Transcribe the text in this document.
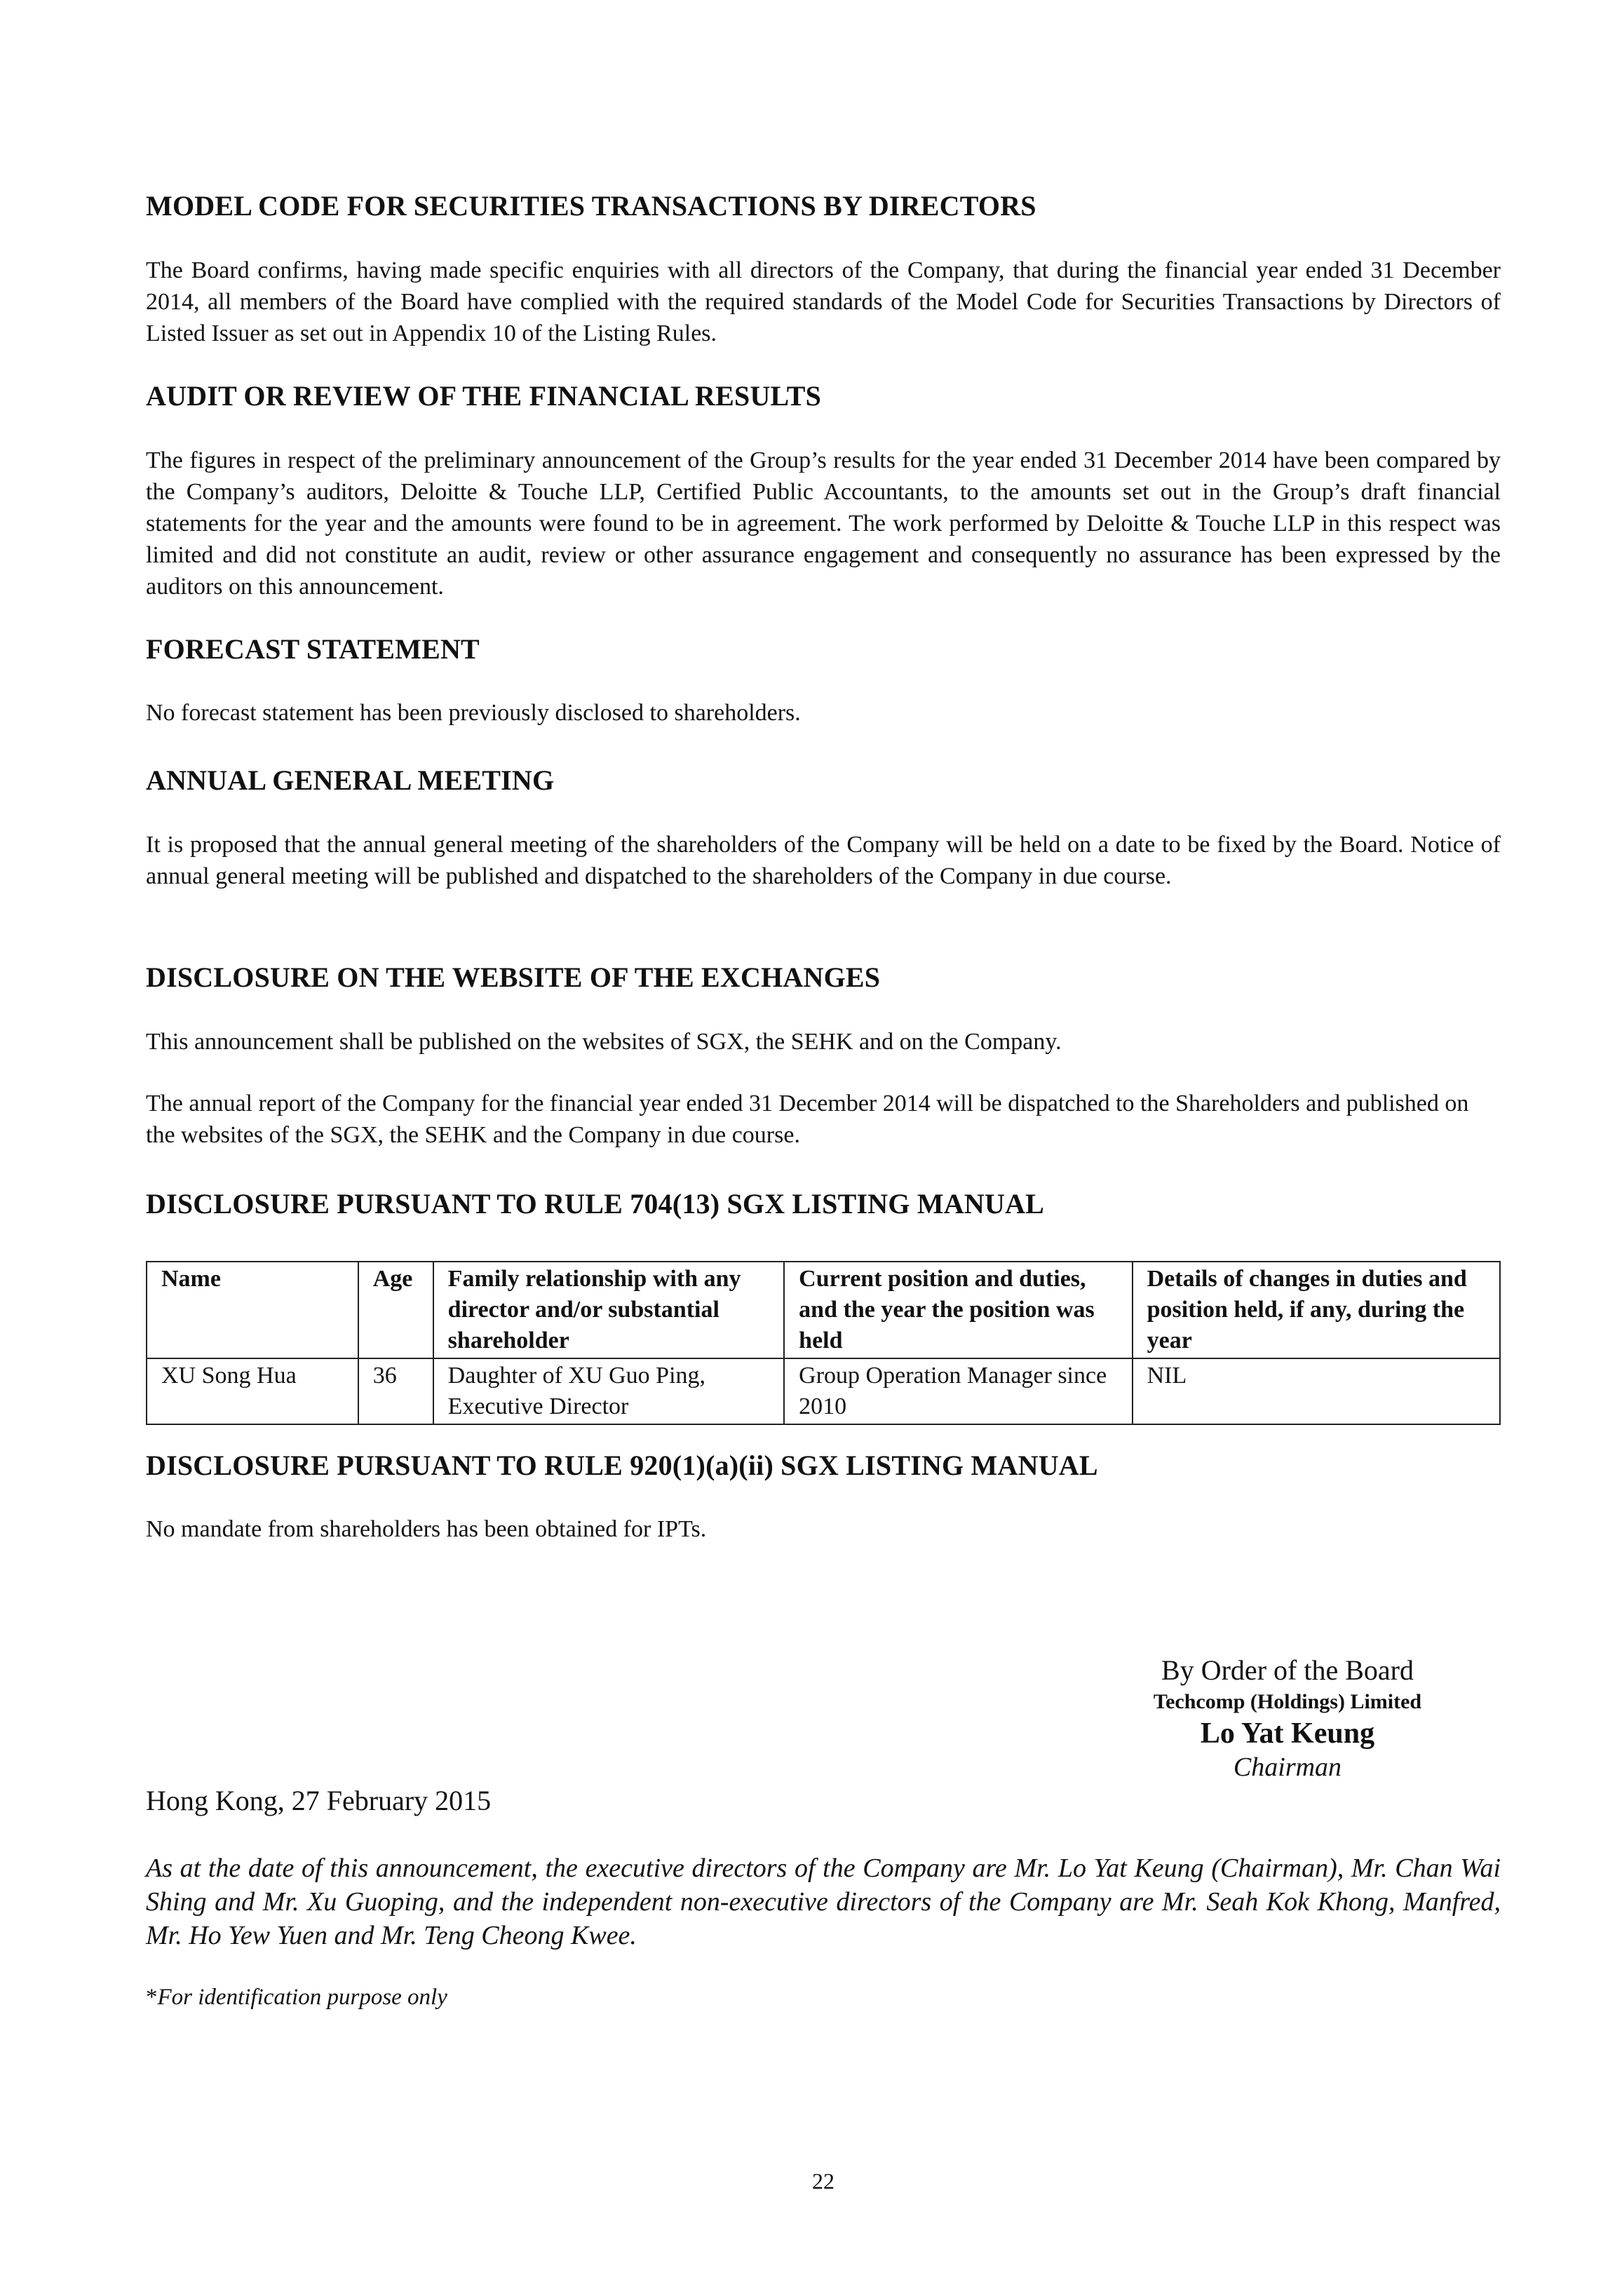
MODEL CODE FOR SECURITIES TRANSACTIONS BY DIRECTORS

The Board confirms, having made specific enquiries with all directors of the Company, that during the financial year ended 31 December 2014, all members of the Board have complied with the required standards of the Model Code for Securities Transactions by Directors of Listed Issuer as set out in Appendix 10 of the Listing Rules.

AUDIT OR REVIEW OF THE FINANCIAL RESULTS

The figures in respect of the preliminary announcement of the Group’s results for the year ended 31 December 2014 have been compared by the Company’s auditors, Deloitte & Touche LLP, Certified Public Accountants, to the amounts set out in the Group’s draft financial statements for the year and the amounts were found to be in agreement. The work performed by Deloitte & Touche LLP in this respect was limited and did not constitute an audit, review or other assurance engagement and consequently no assurance has been expressed by the auditors on this announcement.

FORECAST STATEMENT

No forecast statement has been previously disclosed to shareholders.

ANNUAL GENERAL MEETING

It is proposed that the annual general meeting of the shareholders of the Company will be held on a date to be fixed by the Board. Notice of annual general meeting will be published and dispatched to the shareholders of the Company in due course.

DISCLOSURE ON THE WEBSITE OF THE EXCHANGES

This announcement shall be published on the websites of SGX, the SEHK and on the Company.

The annual report of the Company for the financial year ended 31 December 2014 will be dispatched to the Shareholders and published on the websites of the SGX, the SEHK and the Company in due course.

DISCLOSURE PURSUANT TO RULE 704(13) SGX LISTING MANUAL
Name	Age	Family relationship with any director and/or substantial shareholder	Current position and duties, and the year the position was held	Details of changes in duties and position held, if any, during the year
XU Song Hua	36	Daughter of XU Guo Ping, Executive Director	Group Operation Manager since 2010	NIL
DISCLOSURE PURSUANT TO RULE 920(1)(a)(ii) SGX LISTING MANUAL

No mandate from shareholders has been obtained for IPTs.

By Order of the Board

Techcomp (Holdings) Limited

Lo Yat Keung

Chairman

Hong Kong, 27 February 2015

As at the date of this announcement, the executive directors of the Company are Mr. Lo Yat Keung (Chairman), Mr. Chan Wai Shing and Mr. Xu Guoping, and the independent non-executive directors of the Company are Mr. Seah Kok Khong, Manfred, Mr. Ho Yew Yuen and Mr. Teng Cheong Kwee.

*For identification purpose only

22
